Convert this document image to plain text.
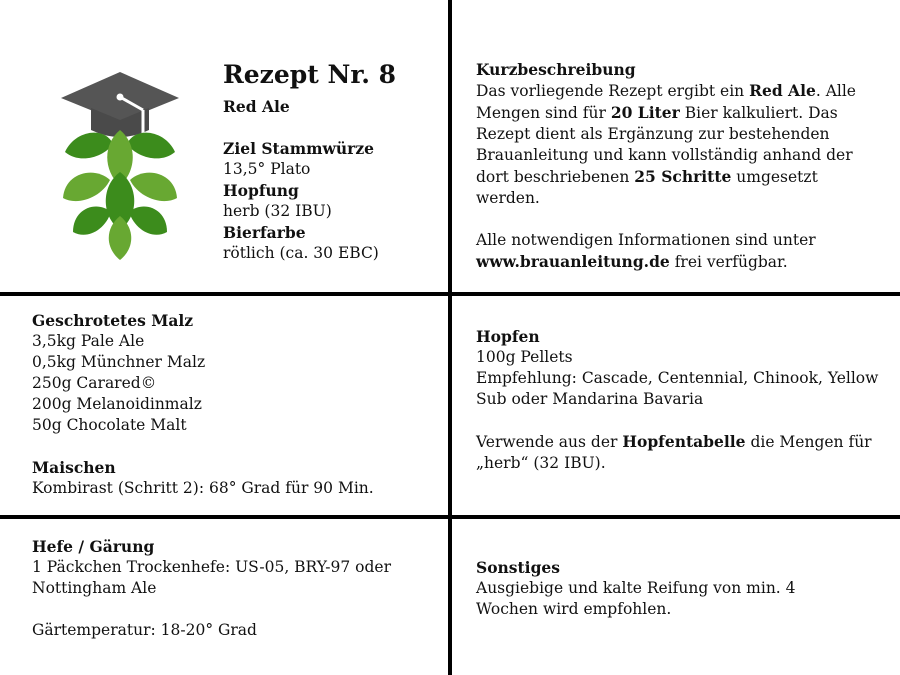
Rezept Nr. 8
Red Ale
Ziel Stammwürze
13,5° Plato
Hopfung
herb (32 IBU)
Bierfarbe
rötlich (ca. 30 EBC)
Kurzbeschreibung
Das vorliegende Rezept ergibt ein Red Ale. Alle Mengen sind für 20 Liter Bier kalkuliert. Das Rezept dient als Ergänzung zur bestehenden Brauanleitung und kann vollständig anhand der dort beschriebenen 25 Schritte umgesetzt werden.
Alle notwendigen Informationen sind unter www.brauanleitung.de frei verfügbar.
Geschrotetes Malz
3,5kg Pale Ale
0,5kg Münchner Malz
250g Carared©
200g Melanoidinmalz
50g Chocolate Malt
Maischen
Kombirast (Schritt 2): 68° Grad für 90 Min.
Hopfen
100g Pellets
Empfehlung: Cascade, Centennial, Chinook, Yellow Sub oder Mandarina Bavaria
Verwende aus der Hopfentabelle die Mengen für „herb“ (32 IBU).
Hefe / Gärung
1 Päckchen Trockenhefe: US-05, BRY-97 oder Nottingham Ale
Gärtemperatur: 18-20° Grad
Sonstiges
Ausgiebige und kalte Reifung von min. 4 Wochen wird empfohlen.
